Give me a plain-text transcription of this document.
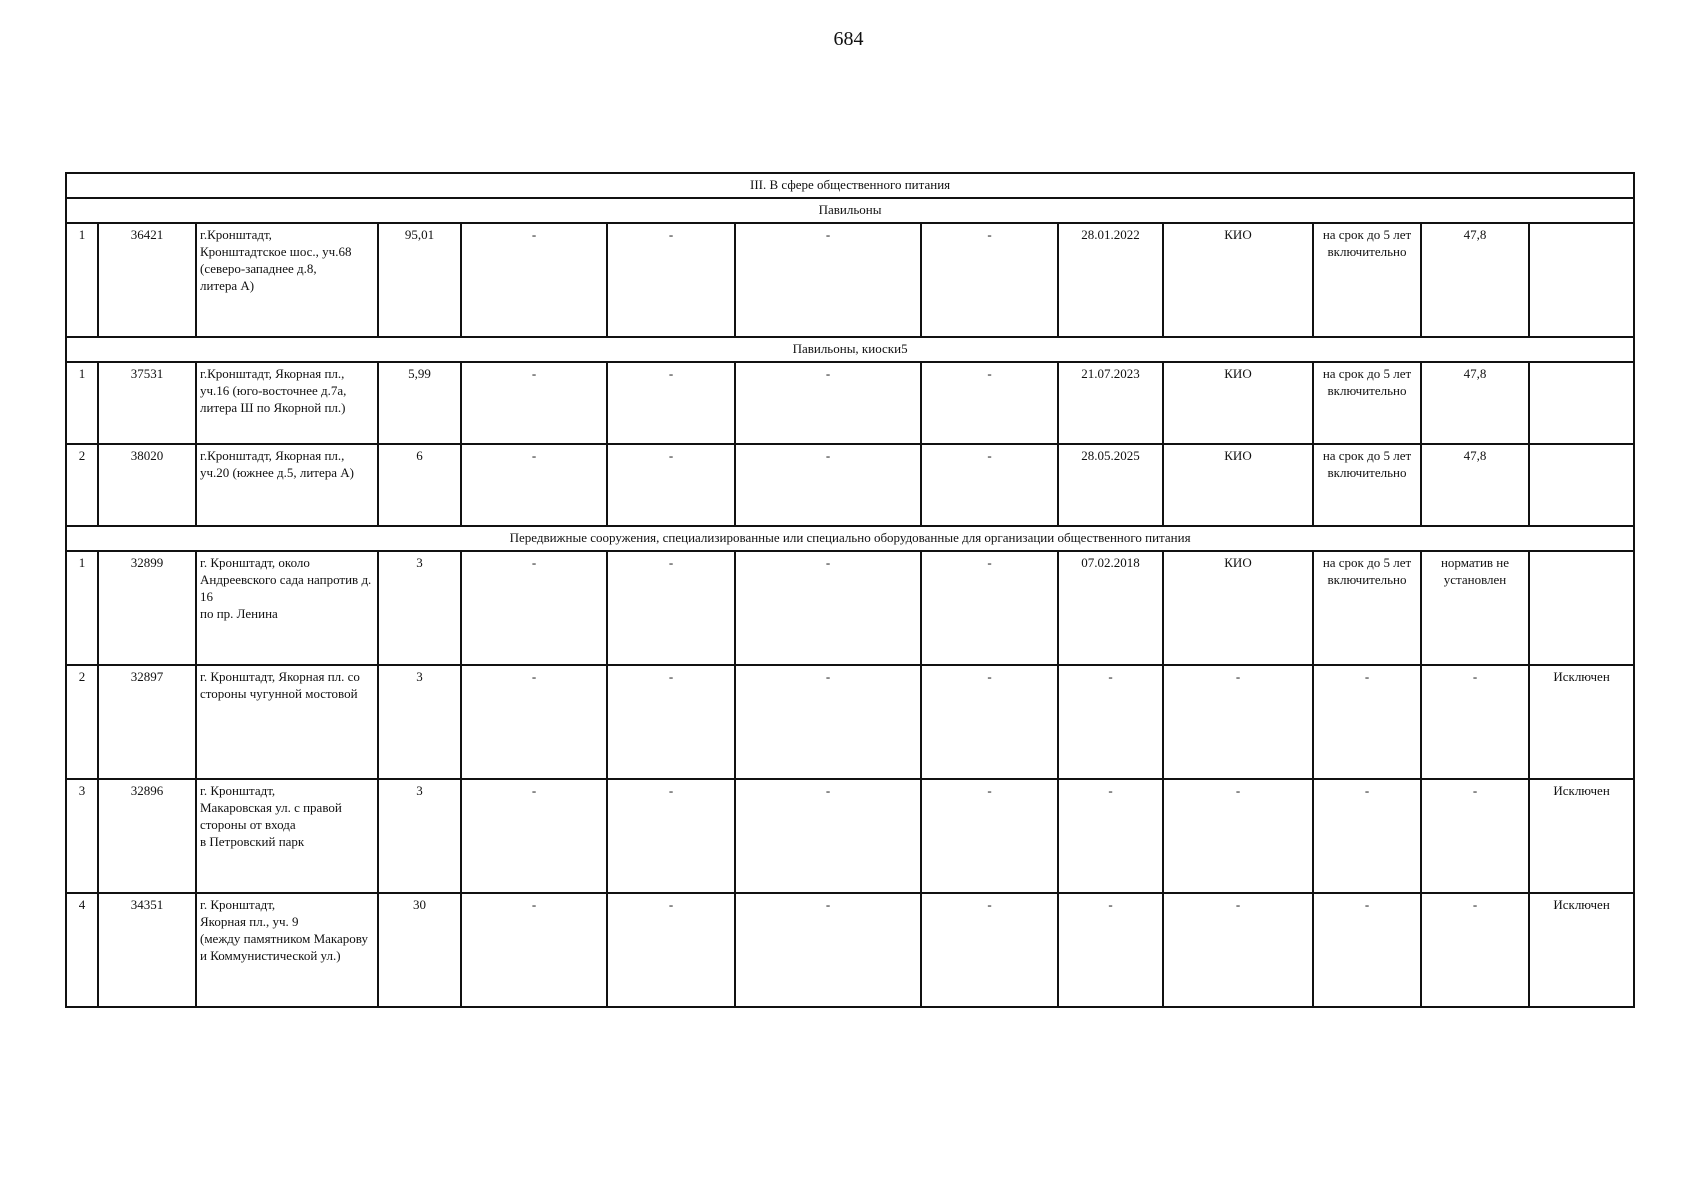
684
III. В сфере общественного питания												
Павильоны												
1	36421	г.Кронштадт,
Кронштадтское шос., уч.68
(северо-западнее д.8,
литера А)	95,01	-	-	-	-	28.01.2022	КИО	на срок до 5 лет включительно	47,8	
Павильоны, киоски5												
1	37531	г.Кронштадт, Якорная пл.,
уч.16 (юго-восточнее д.7а,
литера Ш по Якорной пл.)	5,99	-	-	-	-	21.07.2023	КИО	на срок до 5 лет включительно	47,8	
2	38020	г.Кронштадт, Якорная пл.,
уч.20 (южнее д.5, литера А)	6	-	-	-	-	28.05.2025	КИО	на срок до 5 лет включительно	47,8	
Передвижные сооружения, специализированные или специально оборудованные для организации общественного питания												
1	32899	г. Кронштадт, около
Андреевского сада напротив д.
16
по пр. Ленина	3	-	-	-	-	07.02.2018	КИО	на срок до 5 лет включительно	норматив не установлен	
2	32897	г. Кронштадт, Якорная пл. со
стороны чугунной мостовой	3	-	-	-	-	-	-	-	-	Исключен
3	32896	г. Кронштадт,
Макаровская ул. с правой
стороны от входа
в Петровский парк	3	-	-	-	-	-	-	-	-	Исключен
4	34351	г. Кронштадт,
Якорная пл., уч. 9
(между памятником Макарову
и Коммунистической ул.)	30	-	-	-	-	-	-	-	-	Исключен
